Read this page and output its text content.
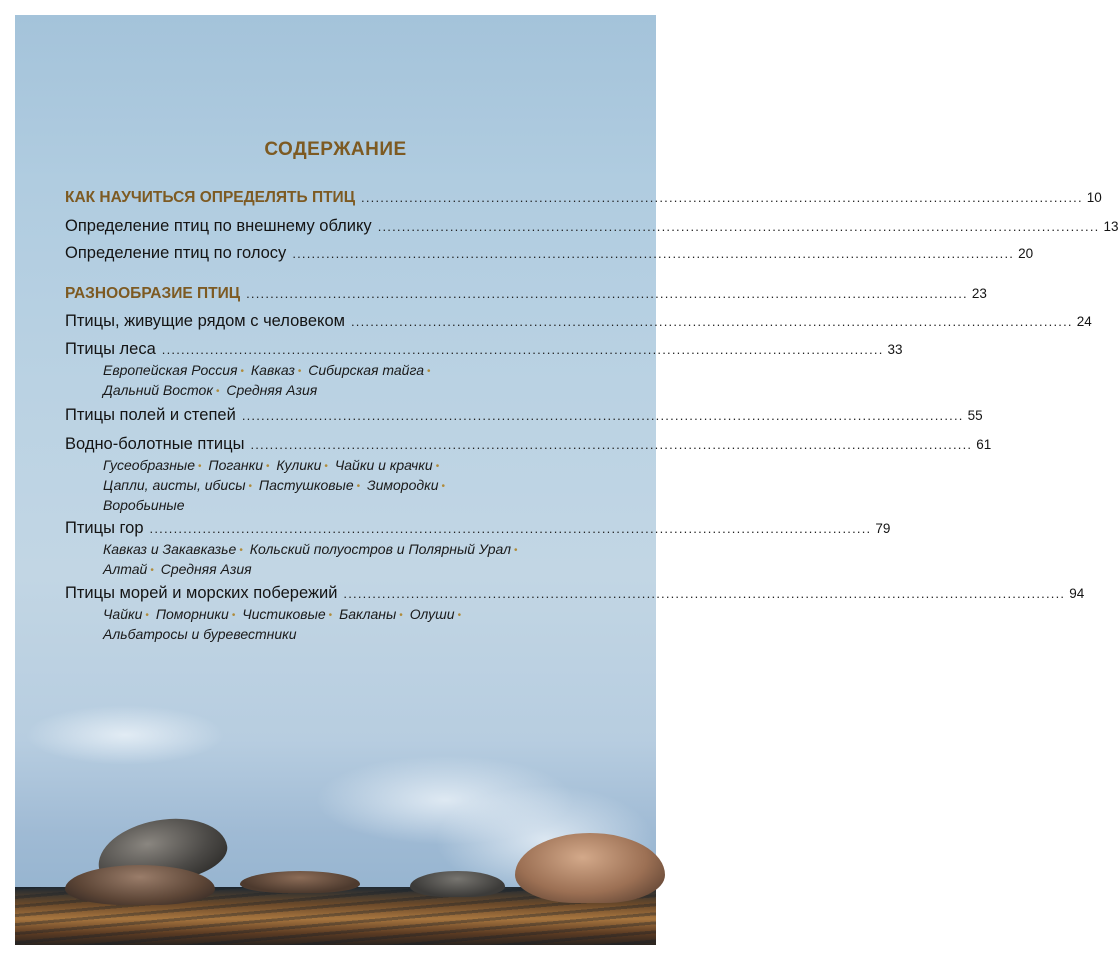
СОДЕРЖАНИЕ
КАК НАУЧИТЬСЯ ОПРЕДЕЛЯТЬ ПТИЦ ...................................................................................................................................................... 10
Определение птиц по внешнему облику ...................................................................................................................................................... 13
Определение птиц по голосу ...................................................................................................................................................... 20
РАЗНООБРАЗИЕ ПТИЦ ...................................................................................................................................................... 23
Птицы, живущие рядом с человеком ...................................................................................................................................................... 24
Птицы леса ...................................................................................................................................................... 33
Европейская Россия • Кавказ • Сибирская тайга •
Дальний Восток • Средняя Азия
Птицы полей и степей ...................................................................................................................................................... 55
Водно-болотные птицы ...................................................................................................................................................... 61
Гусеобразные • Поганки • Кулики • Чайки и крачки •
Цапли, аисты, ибисы • Пастушковые • Зимородки •
Воробьиные
Птицы гор ...................................................................................................................................................... 79
Кавказ и Закавказье • Кольский полуостров и Полярный Урал •
Алтай • Средняя Азия
Птицы морей и морских побережий ...................................................................................................................................................... 94
Чайки • Поморники • Чистиковые • Бакланы • Олуши •
Альбатросы и буревестники
